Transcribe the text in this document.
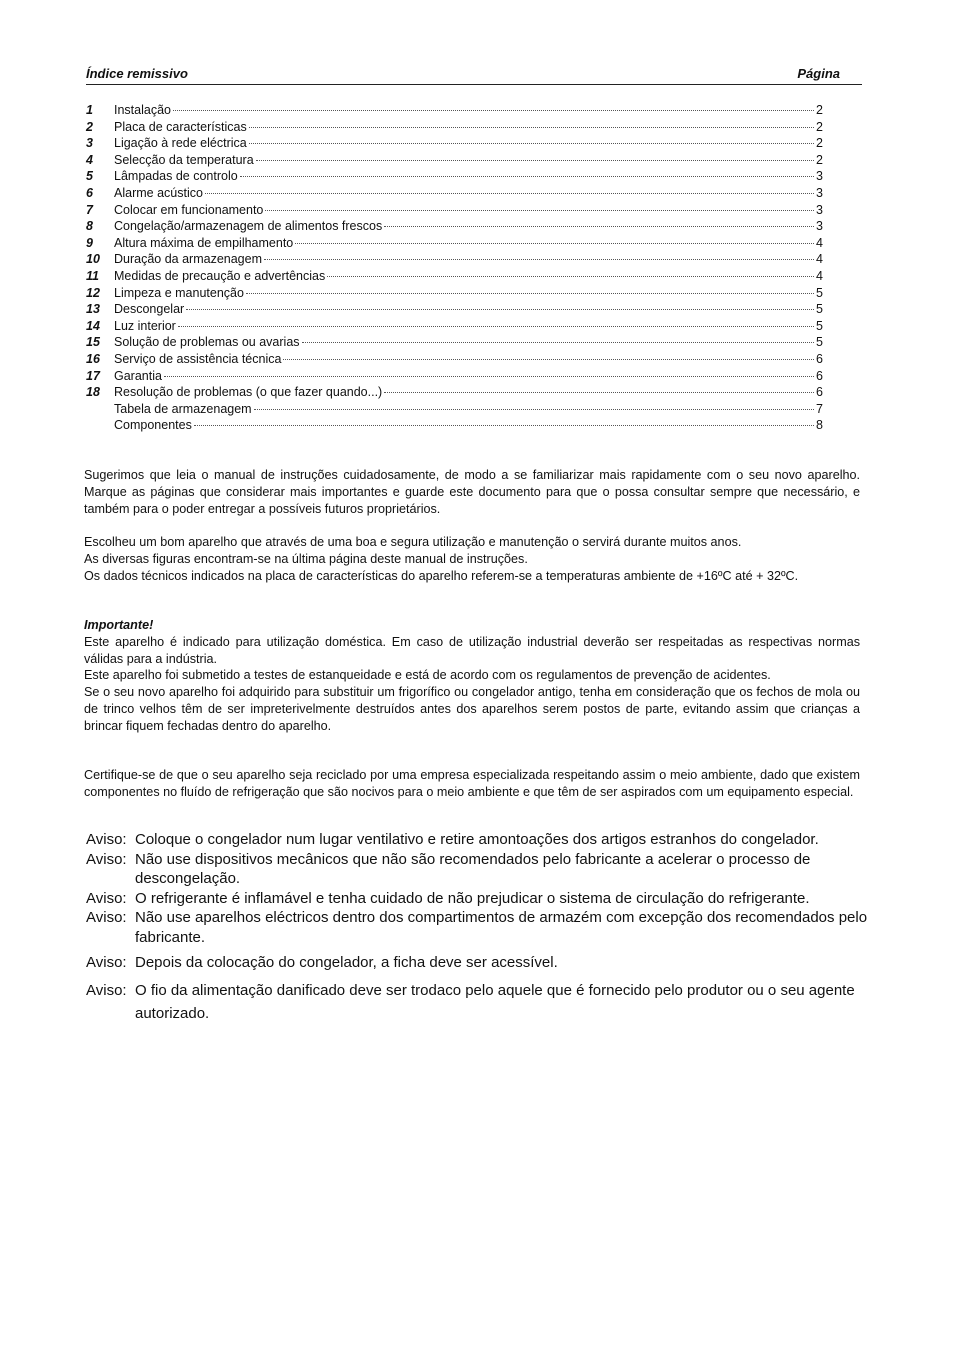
Índice remissivo	Página
1	Instalação	2
2	Placa de características	2
3	Ligação à rede eléctrica	2
4	Selecção da temperatura	2
5	Lâmpadas de controlo	3
6	Alarme acústico	3
7	Colocar em funcionamento	3
8	Congelação/armazenagem de alimentos frescos	3
9	Altura máxima de empilhamento	4
10	Duração da armazenagem	4
11	Medidas de precaução e advertências	4
12	Limpeza e manutenção	5
13	Descongelar	5
14	Luz interior	5
15	Solução de problemas ou avarias	5
16	Serviço de assistência técnica	6
17	Garantia	6
18	Resolução de problemas (o que fazer quando...)	6
Tabela de armazenagem	7
Componentes	8

Sugerimos que leia o manual de instruções cuidadosamente, de modo a se familiarizar mais rapidamente com o seu novo aparelho. Marque as páginas que considerar mais importantes e guarde este documento para que o possa consultar sempre que necessário, e também para o poder entregar a possíveis futuros proprietários.

Escolheu um bom aparelho que através de uma boa e segura utilização e manutenção o servirá durante muitos anos.

As diversas figuras encontram-se na última página deste manual de instruções.

Os dados técnicos indicados na placa de características do aparelho referem-se a temperaturas ambiente de +16ºC até + 32ºC.

Importante!

Este aparelho é indicado para utilização doméstica. Em caso de utilização industrial deverão ser respeitadas as respectivas normas válidas para a indústria.

Este aparelho foi submetido a testes de estanqueidade e está de acordo com os regulamentos de prevenção de acidentes.

Se o seu novo aparelho foi adquirido para substituir um frigorífico ou congelador antigo, tenha em consideração que os fechos de mola ou de trinco velhos têm de ser impreterivelmente destruídos antes dos aparelhos serem postos de parte, evitando assim que crianças a brincar fiquem fechadas dentro do aparelho.

Certifique-se de que o seu aparelho seja reciclado por uma empresa especializada respeitando assim o meio ambiente, dado que existem componentes no fluído de refrigeração que são nocivos para o meio ambiente e que têm de ser aspirados com um equipamento especial.

Aviso: Coloque o congelador num lugar ventilativo e retire amontoações dos artigos estranhos do congelador.
Aviso: Não use dispositivos mecânicos que não são recomendados pelo fabricante a acelerar o processo de descongelação.
Aviso: O refrigerante é inflamável e tenha cuidado de não prejudicar o sistema de circulação do refrigerante.
Aviso: Não use aparelhos eléctricos dentro dos compartimentos de armazém com excepção dos recomendados pelo fabricante.
Aviso: Depois da colocação do congelador, a ficha deve ser acessível.
Aviso: O fio da alimentação danificado deve ser trodaco pelo aquele que é fornecido pelo produtor ou o seu agente autorizado.
